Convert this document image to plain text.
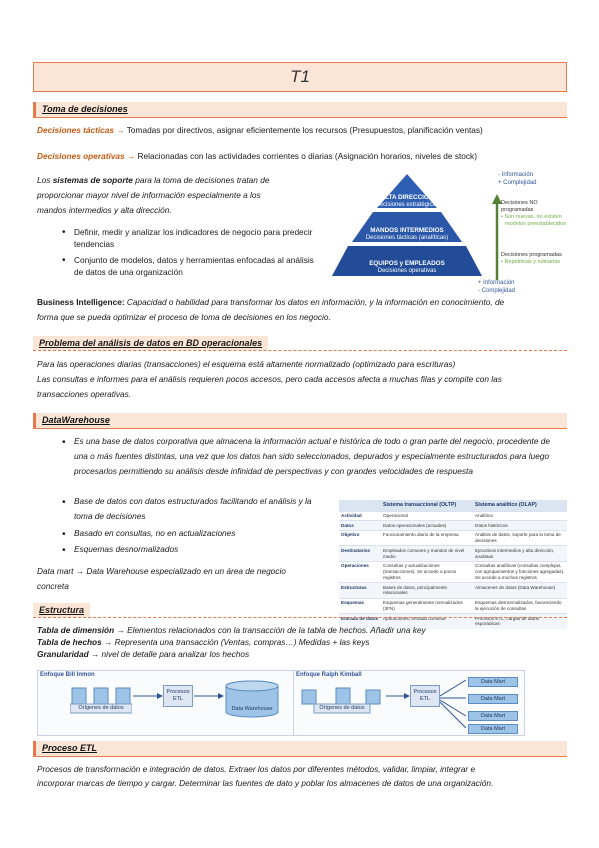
T1
Toma de decisiones

Decisiones tácticas → Tomadas por directivos, asignar eficientemente los recursos (Presupuestos, planificación ventas)

Decisiones operativas → Relacionadas con las actividades corrientes o diarias (Asignación horarios, niveles de stock)

Los sistemas de soporte para la toma de decisiones tratan de

proporcionar mayor nivel de información especialmente a los

mandos intermedios y alta dirección.

• Definir, medir y analizar los indicadores de negocio para predecir tendencias
• Conjunto de modelos, datos y herramientas enfocadas al análisis de datos de una organización
ALTA DIRECCIÓN
Decisiones estratégicas
MANDOS INTERMEDIOS
Decisiones tácticas (analíticas)
EQUIPOS y EMPLEADOS
Decisiones operativas
- Información
+ Complejidad
Decisiones NO programadas
• Son nuevas, no existen
modelos preestablecidos
Decisiones programadas
• Repetitivas y rutinarias
+ Información
- Complejidad

Business Intelligence: Capacidad o habilidad para transformar los datos en información, y la información en conocimiento, de

forma que se pueda optimizar el proceso de toma de decisiones en los negocio.

Problema del análisis de datos en BD operacionales

Para las operaciones diarias (transacciones) el esquema está altamente normalizado (optimizado para escrituras)

Las consultas e informes para el análisis requieren pocos accesos, pero cada accesos afecta a muchas filas y compite con las

transacciones operativas.

DataWarehouse
• Es una base de datos corporativa que almacena la información actual e histórica de todo o gran parte del negocio, procedente de una o más fuentes distintas, una vez que los datos han sido seleccionados, depurados y especialmente estructurados para luego procesarlos permitiendo su análisis desde infinidad de perspectivas y con grandes velocidades de respuesta
• Base de datos con datos estructurados facilitando el análisis y la toma de decisiones
• Basado en consultas, no en actualizaciones
• Esquemas desnormalizados

Data mart → Data Warehouse especializado en un área de negocio

concreta

	Sistema transaccional (OLTP)	Sistema analítico (OLAP)
Actividad	Operacional	Analítica
Datos	Datos operacionales (actuales)	Datos históricos
Objetivo	Funcionamiento diario de la empresa	Análisis de datos, soporte para la toma de decisiones
Destinatarios	Empleados comunes y mandos de nivel medio	Ejecutivos intermedios y alta dirección, analistas
Operaciones	Consultas y actualizaciones (transacciones). Se accede a pocos registros	Consultas analíticas (consultas complejas, con agrupamientos y funciones agregadas). Se accede a muchos registros
Estructuras	Bases de datos, principalmente relacionales	Almacenes de datos (Data Warehouse)
Esquemas	Esquemas generalmente normalizados (3FN)	Esquemas desnormalizados, favoreciendo la ejecución de consultas
Entrada de datos	Aplicaciones, entrada continua	Procesos ETL, cargas de datos esporádicas
Estructura

Tabla de dimensión → Elementos relacionados con la transacción de la tabla de hechos. Añadir una key

Tabla de hechos → Representa una transacción (Ventas, compras…) Medidas + las keys

Granularidad → nivel de detalle para analizar los hechos

Enfoque Bill Inmon
Orígenes de datos
Procesos
ETL
Data Warehouse
Enfoque Ralph Kimball
Orígenes de datos
Procesos
ETL
Data Mart
Data Mart
Data Mart
Data Mart
Proceso ETL

Procesos de transformación e integración de datos. Extraer los datos por diferentes métodos, validar, limpiar, integrar e

incorporar marcas de tiempo y cargar. Determinar las fuentes de dato y poblar los almacenes de datos de una organización.
